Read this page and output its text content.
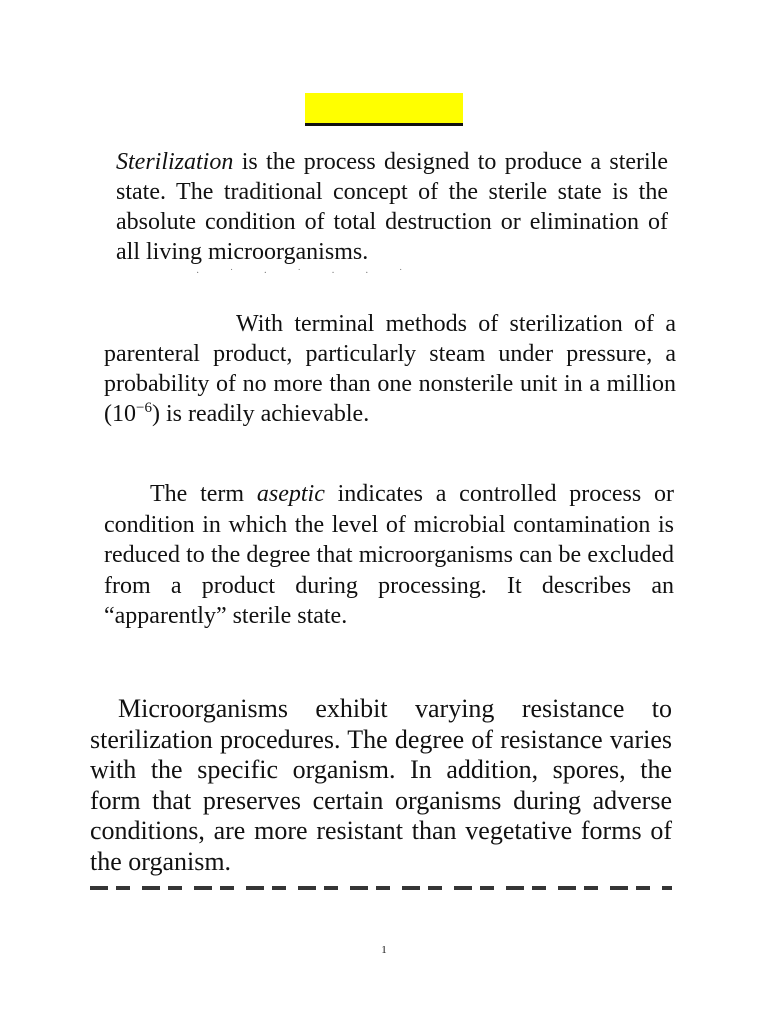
Sterilization is the process designed to produce a sterile state. The traditional concept of the sterile state is the absolute condition of total destruction or elimination of all living microorganisms.

· ˙ · ˙ · · ˙

With terminal methods of sterilization of a parenteral product, particularly steam under pressure, a probability of no more than one nonsterile unit in a million $(10^{-6})$ is readily achievable.

The term aseptic indicates a controlled process or condition in which the level of microbial contamination is reduced to the degree that microorganisms can be excluded from a product during processing. It describes an “apparently” sterile state.

Microorganisms exhibit varying resistance to sterilization procedures. The degree of resistance varies with the specific organism. In addition, spores, the form that preserves certain organisms during adverse conditions, are more resistant than vegetative forms of the organism.

1
